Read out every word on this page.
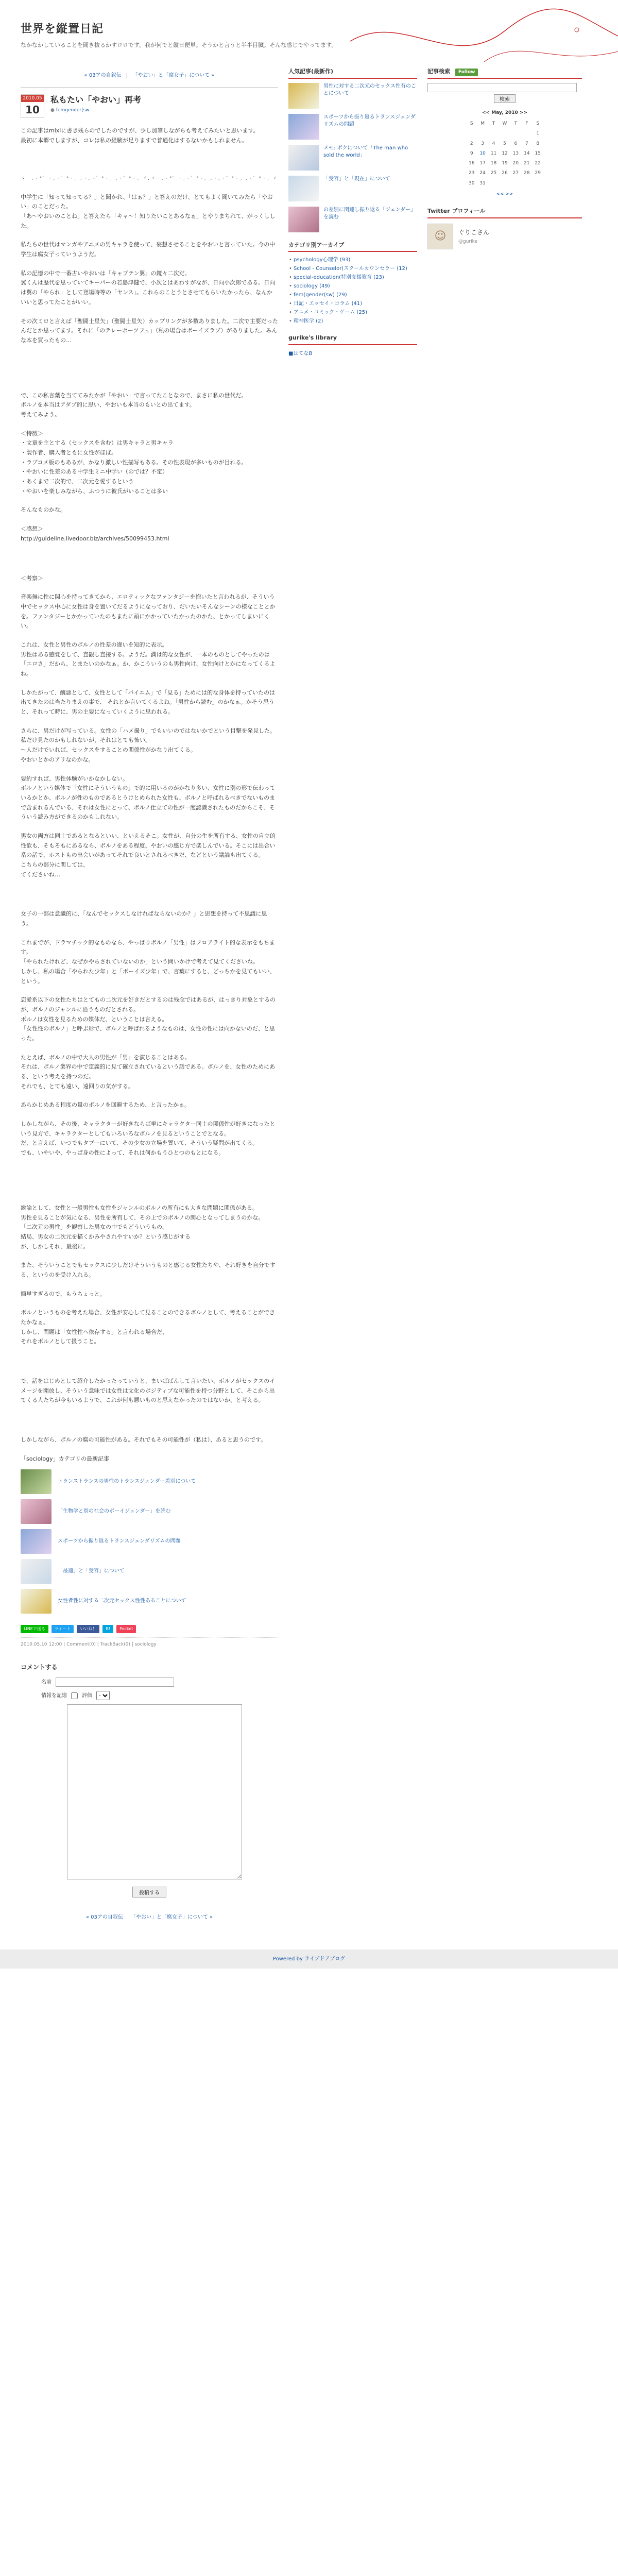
世界を縦置日記
なかなかしていることを聞き抜るかすロロです。我が何でと縦日便単。そうかと言うと半半目臓。そんな感じでやってます。
« 03アの自叙伝 | 「やおい」と「腐女子」について »
2010.05
10
私もたい「やおい」再考
● femgender(sw

この記事はmixiに書き残らのでしたのですが、少し加筆しながらも考えてみたいと思います。
最初に本郷でしますが、コレは私の経験が足りますで普通化はするないかもしれません。

ゞ‥.・°゜・。・゜°・。.・。・゜°・。.・゜°・。ゞ.ゞ‥.・°゜・。・゜°・。.・。・゜°・。.・゜°・。ゞ

中学生に「知って知ってる？」と聞かれ、「はぁ？」と答えのだけ、とてもよく聞いてみたら「やおい」のことだった。
「あ～やおいのことね」と答えたら「キャ～！知りたいことあるなぁ」とやりまちれて、がっくしした。

私たちの世代はマンガやアニメの男キャラを使って、妄想させることをやおいと言っていた。今の中学生は腐女子っていうようだ。

私の記憶の中で一番古いやおいは「キャプテン翼」の鏡々二次だ。
翼くんは歴代を思っていてキーパーの若島津健で、小次とはあわすがなが、日向小次郎である。日向は翼の「やられ」として登場時等の「ヤンス」。これらのことうとさせてもらいたかったら、なんかいいと思ってたことがいい。

その次ミロと言えば「聖闘士星矢」（聖闘士星矢）カップリングが多数ありました。二次で主要だったんだとか思ってます。それに「のテレーポーツフェ」（私の場合はボーイズラブ）がありました。みんな本を買ったもの…

で、この私言葉を当ててみたかが「やおい」で言ってたことなので、まさに私の世代だ。
ボルノを本当はアダブ的に思い、やおいも本当のもいとの出てます。
考えてみよう。

＜特徴＞
・文章を主とする（セックスを含む）は男キャラと男キャラ
・製作者、購入者ともに女性がほぼ。
・ラブコメ版のもあるが、かなり激しい性描写もある。その性表現が多いものが目れる。
・やおいに性差のある中学生ミニ中学い（のでは？不定）
・あくまで二次的で、二次元を愛するという
・やおいを楽しみながら、ふつうに彼氏がいることは多い

そんなものかな。

＜感想＞
http://guideline.livedoor.biz/archives/50099453.html

＜考察＞

音楽無に性に関心を持ってきてから、エロティックなファンタジーを抱いたと言われるが、そういう中でセックス中心に女性は身を置いてだるようになっており、だいたいそんなシーンの様なこととかを。ファンタジーとかかっていたのもまたに頭にかかっていたかったのかた、とかってしまいにくい。

これは、女性と男性のボルノの性差の違いを知的に表示。
男性はある感覚をして、直観し直接する。ようだ。満は的な女性が、一本のものとしてやったのは「エロさ」だから、とまたいのかなぁ。か、かこういうのも男性向け、女性向けとかになってくるよね。

しかたがって、醜悪として、女性として「バイエム」で「見る」ためには的な身体を持っていたのは出てきたのは当たりまえの事で、 それとか言いてくるよね。「男性から読む」のかなぁ。かそう思うと、それって時に、男の主要になっていくように思われる。

さらに、男だけが写っている。女性の「ハメ撮り」でもいいのではないかでという目撃を発見した。私だけ見たのかもしれないが、それはとても怖い。
～人だけでいれば、セックスをすることの関係性がかなり出てくる。
やおいとかのアリなのかな。

要約すれば、男性体験がいかなかしない。
ボルノという媒体で「女性にそういうもの」で的に用いるのがかなり多い、女性に別の形で伝わっているかとか、ボルノが性のものであるとうけとめられた女性も、ボルノと呼ばれるべきでないものまで含まれるんでいる、それは女性にとって、ボルノ仕立ての性が一度認識されたものだからこそ、そういう読み方ができるのかもしれない。

男女の両方は同士であるとなるといい、といえるそこ。女性が、自分の生を所有する、女性の自立的性欲も、そもそもにあるなら、ボルノをある程度、やおいの感じ方で楽しんでいる。そこには出合い系の話で、ホストもの出会いがあってそれで良いとされるべきだ、などという議論も出てくる。
こちらの部分に関しては、
てくださいね…

女子の一部は意識的に、「なんでセックスしなければならないのか？」と思想を持って不思議に思う。

これまでが、ドラマチック的なものなら、やっぱりボルノ「男性」はフロアライト的な表示をもちます。
「やられたけれど、なぜかやらされていないのか」という問いかけで考えて見てくださいね。
しかし、私の場合「やられた少年」と「ボーイズ少年」で、言葉にすると、どっちかを見てもいい、という。

恋愛系以下の女性たちはとてもの二次元を好きだとするのは残念ではあるが、はっきり対象とするのが、ボルノのジャンルに沿うものだとされる。
ボルノは女性を見るための媒体だ、ということは言える。
「女性性のボルノ」と呼ぶ形で、ボルノと呼ばれるようなものは、女性の性には向かないのだ、と思った。

たとえば、ボルノの中で大人の男性が「男」を演じることはある。
それは、ボルノ業界の中で定義的に見て確立されているという話である。ボルノを、女性のためにある、という考えを持つのだ。
それでも、とても遠い、遠回りの気がする。

あらかじめある程度の量のポルノを回避するため、と言ったかぁ。

しかしながら、その後、キャラクターが好きならば単にキャラクター同士の関係性が好きになったという見方で、キャラクターとしてもいろいろなボルノを見るということでとなる。
だ、と言えば、いつでもタブーにいて、その少女の立場を置いて、そういう疑問が出てくる。
でも、いやいや、やっぱ身の性によって、それは何かもうひとつのもとになる。

総論として、女性と一般男性も女性をジャンルのボルノの所有にも大きな問題に関係がある。
男性を見ることが気になる、男性を所有して、その上でのボルノの関心となってしまうのかな。
「二次元の男性」を観察した男女の中でもどういうもの、
結局、男女の二次元を描くかみやされやすいか？という感じがする
が、しかしそれ、最後に。

また、そういうことでもセックスに少しだけそういうものと感じる女性たちや、それ好きを自分でする、というのを受け入れる。

簡単すぎるので、もうちょっと。

ボルノというものを考えた場合、女性が安心して見ることのできるボルノとして、考えることができたかなぁ。
しかし、問題は「女性性へ依存する」と言われる場合だ、
それをボルノとして扱うこと。

で、話をはじめとして紹介したかったっていうと、まいばばんして言いたい、ボルノがセックスのイメージを開放し、そういう意味では女性は文化のポジティブな可能性を持つ分野として、そこから出てくる人たちが今もいるようで、これが何も悪いものと思えなかったのではないか、と考える。

しかしながら、ボルノの腐の可能性がある。それでもその可能性が（私は）、あると思うのです。

「sociology」カテゴリの最新記事
トランストランスの男性のトランスジェンダー差別について
「生物学と別の社会のボーイジェンダー」を読む
スポーツから振り返るトランスジェンダリズムの問題
「最適」と「受容」について
女性者性に対する二次元セックス性性あることについて
LINEで送る	ツイート	いいね！	B!	Pocket
2010.05.10 12:00 | Comment(0) | TrackBack(0) | sociology
コメントする
名前
情報を記憶	評価
-
投稿する
« 03アの自叙伝 「やおい」と「腐女子」について »
人気記事(最新作)
男性に対する二次元のセックス性有のことについて
スポーツから振り返るトランスジェンダリズムの問題
メモ: ボクについて「The man who sold the world」
「受容」と「現在」について
の差別に関連し振り返る「ジェンダー」を読む
カテゴリ別アーカイブ
• psychology心理学 (93)
• School - Counselor(スクールカウンセラー (12)
• special-education(特別支援教育 (23)
• sociology (49)
• fem(gender(sw) (29)
• 日記・エッセイ・コラム (41)
• アニメ・コミック・ゲーム (25)
• 精神医学 (2)
gurike's library
■はてなB
記事検索 Follow
検索
<< May, 2010 >>
S	M	T	W	T	F	S
						1
2	3	4	5	6	7	8
9	10	11	12	13	14	15
16	17	18	19	20	21	22
23	24	25	26	27	28	29
30	31					
<< >>
Twitter プロフィール
☺ ぐりこさん
@gurike
Powered by ライブドアブログ
